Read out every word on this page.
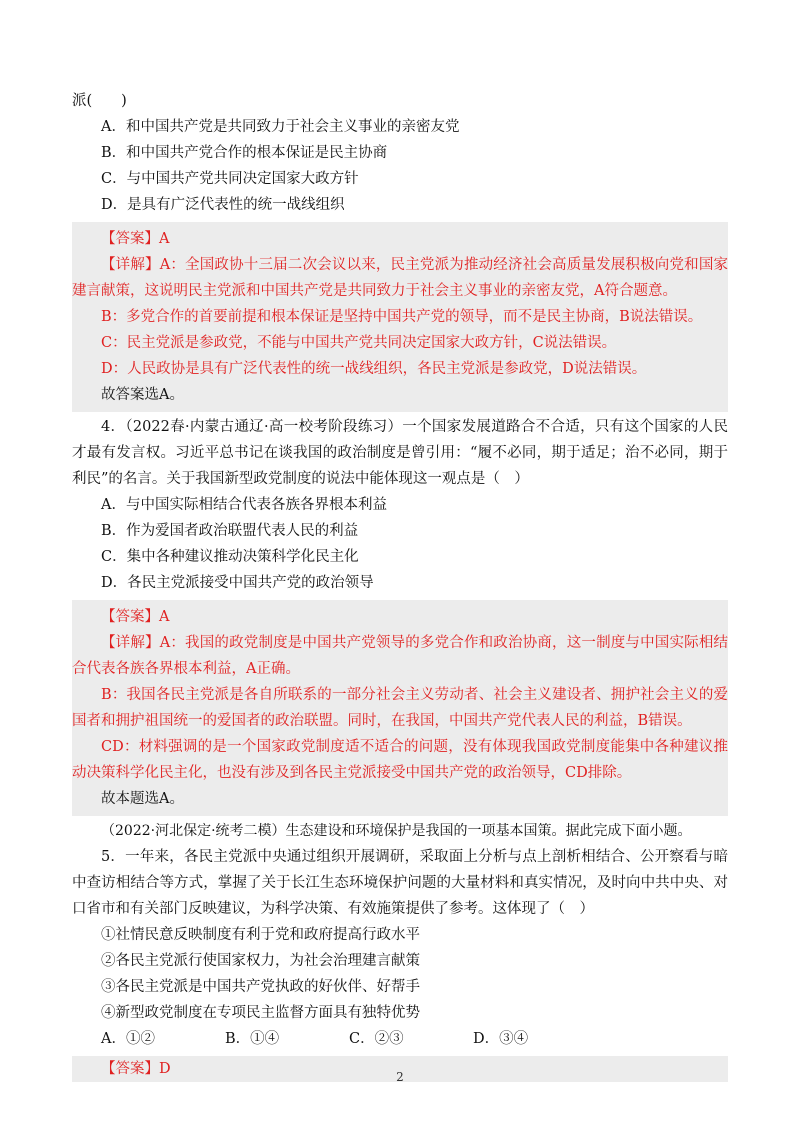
派(　　)
A．和中国共产党是共同致力于社会主义事业的亲密友党
B．和中国共产党合作的根本保证是民主协商
C．与中国共产党共同决定国家大政方针
D．是具有广泛代表性的统一战线组织
【答案】A
【详解】A：全国政协十三届二次会议以来，民主党派为推动经济社会高质量发展积极向党和国家建言献策，这说明民主党派和中国共产党是共同致力于社会主义事业的亲密友党，A符合题意。
B：多党合作的首要前提和根本保证是坚持中国共产党的领导，而不是民主协商，B说法错误。
C：民主党派是参政党，不能与中国共产党共同决定国家大政方针，C说法错误。
D：人民政协是具有广泛代表性的统一战线组织，各民主党派是参政党，D说法错误。
故答案选A。
4．（2022春·内蒙古通辽·高一校考阶段练习）一个国家发展道路合不合适，只有这个国家的人民才最有发言权。习近平总书记在谈我国的政治制度是曾引用：“履不必同，期于适足；治不必同，期于利民”的名言。关于我国新型政党制度的说法中能体现这一观点是（　）
A．与中国实际相结合代表各族各界根本利益
B．作为爱国者政治联盟代表人民的利益
C．集中各种建议推动决策科学化民主化
D．各民主党派接受中国共产党的政治领导
【答案】A
【详解】A：我国的政党制度是中国共产党领导的多党合作和政治协商，这一制度与中国实际相结合代表各族各界根本利益，A正确。
B：我国各民主党派是各自所联系的一部分社会主义劳动者、社会主义建设者、拥护社会主义的爱国者和拥护祖国统一的爱国者的政治联盟。同时，在我国，中国共产党代表人民的利益，B错误。
CD：材料强调的是一个国家政党制度适不适合的问题，没有体现我国政党制度能集中各种建议推动决策科学化民主化，也没有涉及到各民主党派接受中国共产党的政治领导，CD排除。
故本题选A。
（2022·河北保定·统考二模）生态建设和环境保护是我国的一项基本国策。据此完成下面小题。
5．一年来，各民主党派中央通过组织开展调研，采取面上分析与点上剖析相结合、公开察看与暗中查访相结合等方式，掌握了关于长江生态环境保护问题的大量材料和真实情况，及时向中共中央、对口省市和有关部门反映建议，为科学决策、有效施策提供了参考。这体现了（　）
①社情民意反映制度有利于党和政府提高行政水平
②各民主党派行使国家权力，为社会治理建言献策
③各民主党派是中国共产党执政的好伙伴、好帮手
④新型政党制度在专项民主监督方面具有独特优势
A．①②	B．①④	C．②③	D．③④
【答案】D	2
